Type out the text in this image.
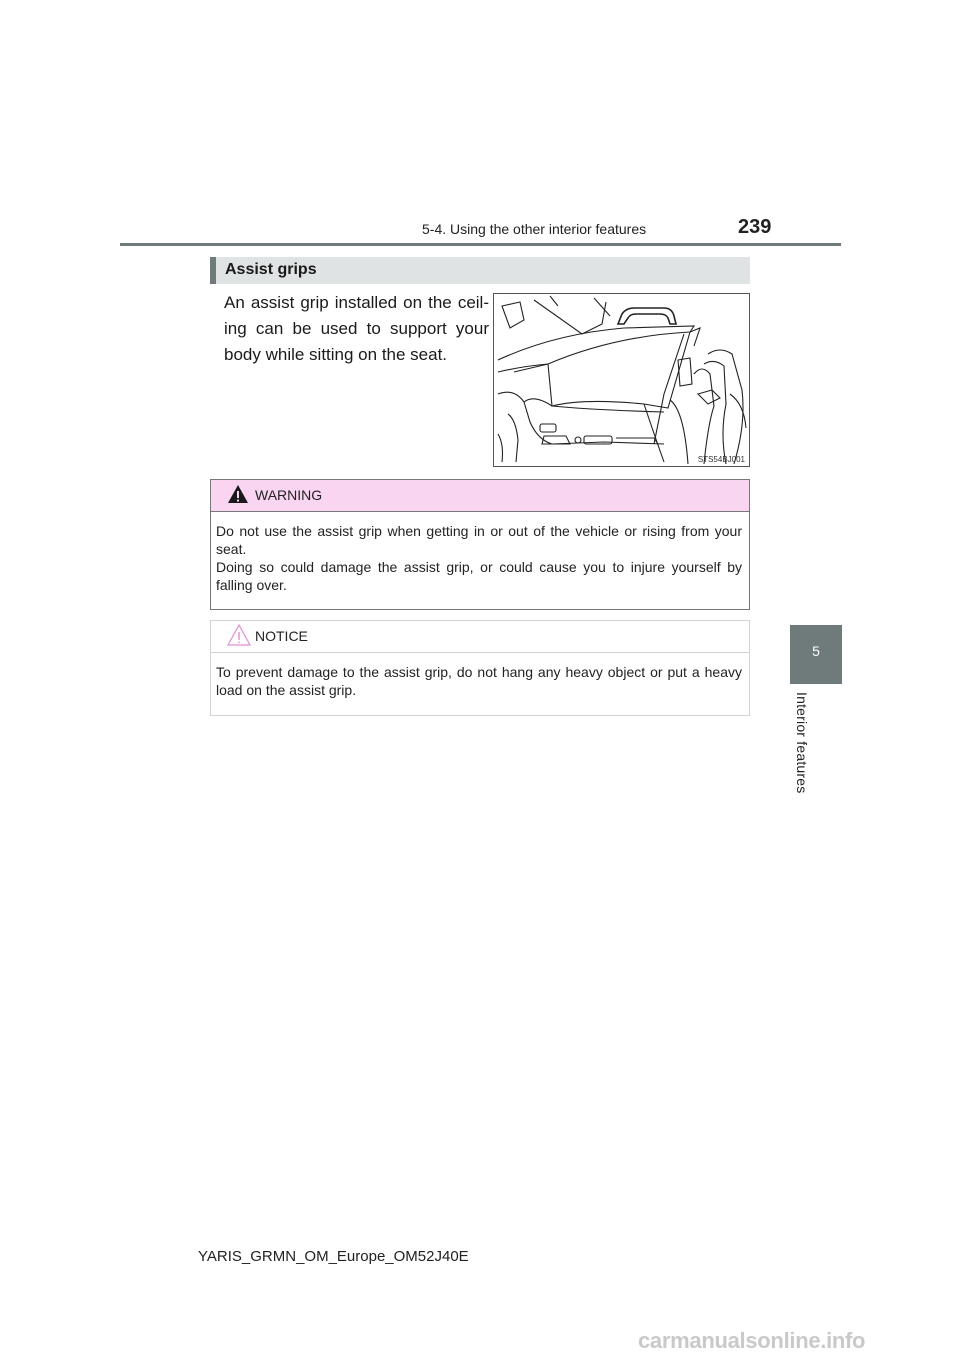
5-4. Using the other interior features	239
5
Interior features
Assist grips
An assist grip installed on the ceil-ing can be used to support your body while sitting on the seat.
STS54BJ001
WARNING
Do not use the assist grip when getting in or out of the vehicle or rising from your seat.
Doing so could damage the assist grip, or could cause you to injure yourself by falling over.
NOTICE
To prevent damage to the assist grip, do not hang any heavy object or put a heavy load on the assist grip.
YARIS_GRMN_OM_Europe_OM52J40E
carmanualsonline.info
